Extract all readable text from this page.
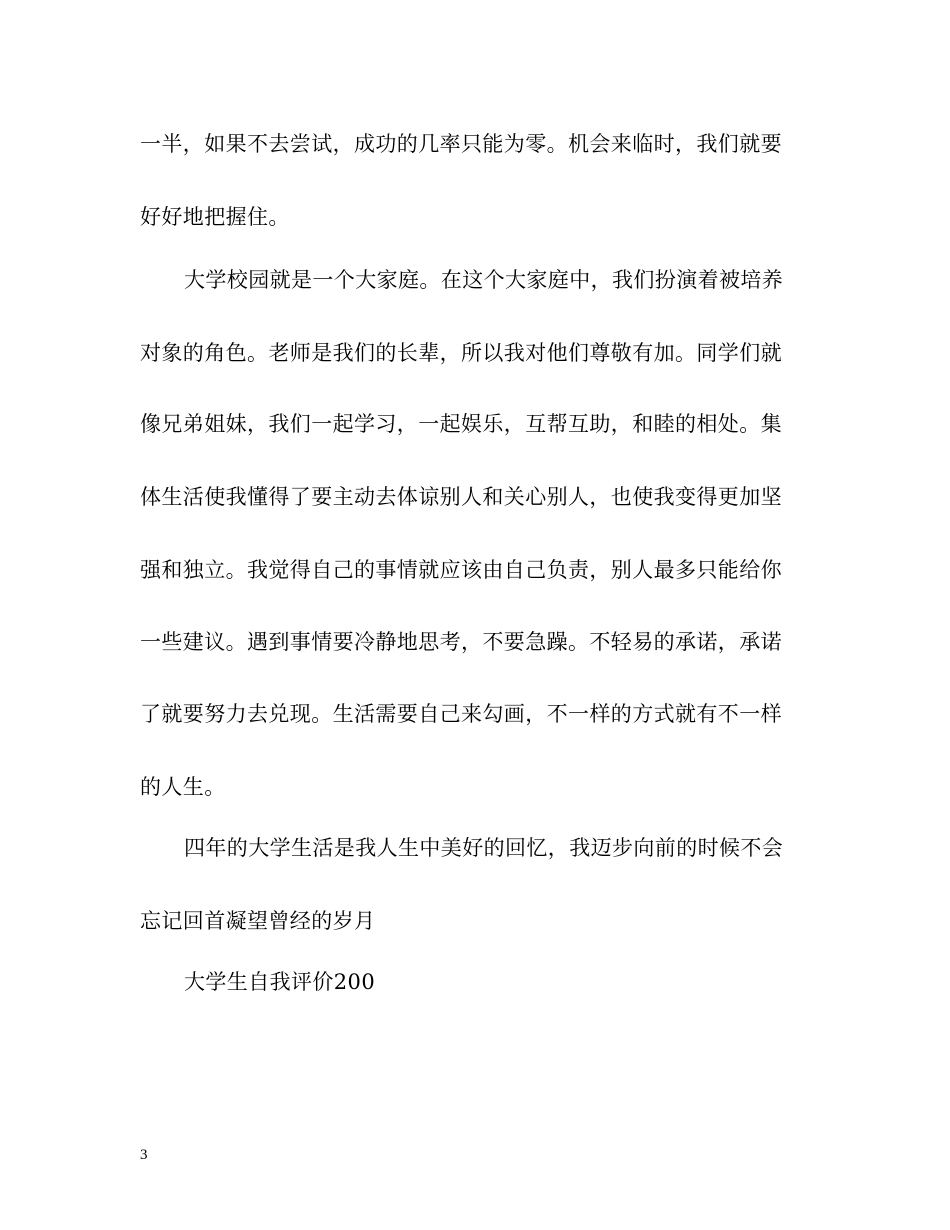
一半，如果不去尝试，成功的几率只能为零。机会来临时，我们就要
好好地把握住。
大学校园就是一个大家庭。在这个大家庭中，我们扮演着被培养
对象的角色。老师是我们的长辈，所以我对他们尊敬有加。同学们就
像兄弟姐妹，我们一起学习，一起娱乐，互帮互助，和睦的相处。集
体生活使我懂得了要主动去体谅别人和关心别人，也使我变得更加坚
强和独立。我觉得自己的事情就应该由自己负责，别人最多只能给你
一些建议。遇到事情要冷静地思考，不要急躁。不轻易的承诺，承诺
了就要努力去兑现。生活需要自己来勾画，不一样的方式就有不一样
的人生。
四年的大学生活是我人生中美好的回忆，我迈步向前的时候不会
忘记回首凝望曾经的岁月
大学生自我评价200
3
